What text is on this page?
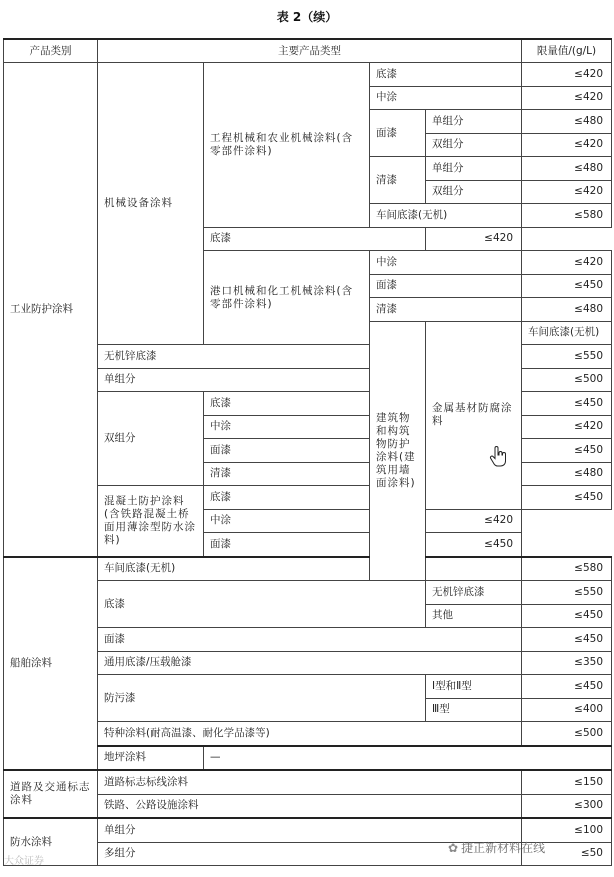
表 2（续）
产品类别	主要产品类型				限量值/(g/L)	
工业防护涂料	机械设备涂料	工程机械和农业机械涂料(含零部件涂料)	底漆		≤420	
			中涂		≤420	
			面漆	单组分	≤480	
				双组分	≤420	
			清漆	单组分	≤480	
				双组分	≤420	
			车间底漆(无机)		≤580	
		底漆		≤420		
		港口机械和化工机械涂料(含零部件涂料)	中涂		≤420	
			面漆		≤450	
			清漆		≤480	
			建筑物和构筑物防护涂料(建筑用墙面涂料)	金属基材防腐涂料	车间底漆(无机)	
	无机锌底漆				≤550	
	单组分				≤500	
	双组分	底漆			≤450	
		中涂			≤420	
		面漆			≤450	
		清漆			≤480	
	混凝土防护涂料(含铁路混凝土桥面用薄涂型防水涂料)	底漆			≤450	
		中涂		≤420		
		面漆		≤450		
船舶涂料	车间底漆(无机)				≤580	
	底漆			无机锌底漆	≤550	
				其他	≤450	
	面漆				≤450	
	通用底漆/压载舱漆				≤350	
	防污漆			Ⅰ型和Ⅱ型	≤450	
				Ⅲ型	≤400	
	特种涂料(耐高温漆、耐化学品漆等)				≤500	
	地坪涂料	—	
道路及交通标志涂料	道路标志标线涂料				≤150	
	铁路、公路设施涂料				≤300	
防水涂料	单组分				≤100	
	多组分				≤50	
大众证券
✿ 捷正新材料在线
